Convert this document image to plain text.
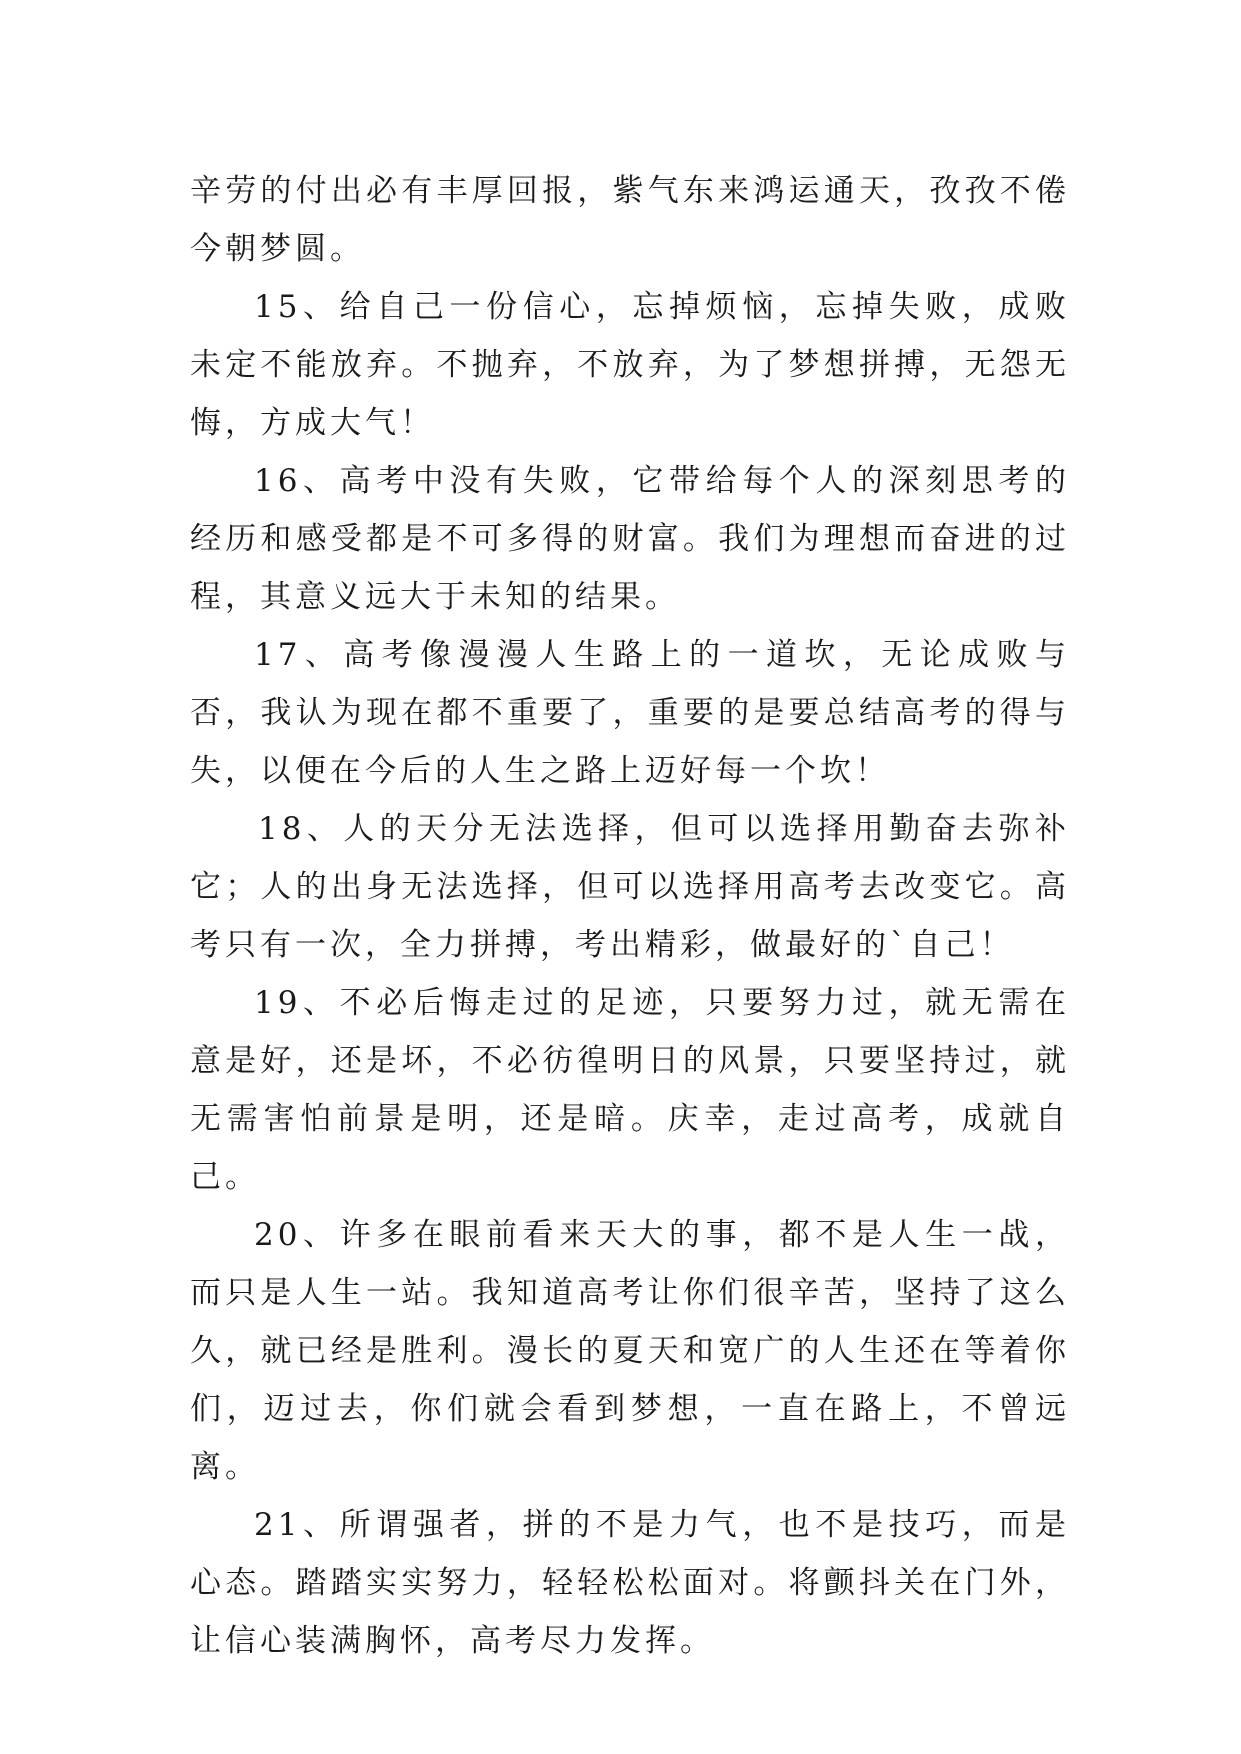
辛劳的付出必有丰厚回报，紫气东来鸿运通天，孜孜不倦今朝梦圆。

15、给自己一份信心，忘掉烦恼，忘掉失败，成败未定不能放弃。不抛弃，不放弃，为了梦想拼搏，无怨无悔，方成大气！

16、高考中没有失败，它带给每个人的深刻思考的经历和感受都是不可多得的财富。我们为理想而奋进的过程，其意义远大于未知的结果。

17、高考像漫漫人生路上的一道坎，无论成败与否，我认为现在都不重要了，重要的是要总结高考的得与失，以便在今后的人生之路上迈好每一个坎！

18、人的天分无法选择，但可以选择用勤奋去弥补它；人的出身无法选择，但可以选择用高考去改变它。高考只有一次，全力拼搏，考出精彩，做最好的`自己！

19、不必后悔走过的足迹，只要努力过，就无需在意是好，还是坏，不必彷徨明日的风景，只要坚持过，就无需害怕前景是明，还是暗。庆幸，走过高考，成就自己。

20、许多在眼前看来天大的事，都不是人生一战，而只是人生一站。我知道高考让你们很辛苦，坚持了这么久，就已经是胜利。漫长的夏天和宽广的人生还在等着你们，迈过去，你们就会看到梦想，一直在路上，不曾远离。

21、所谓强者，拼的不是力气，也不是技巧，而是心态。踏踏实实努力，轻轻松松面对。将颤抖关在门外，让信心装满胸怀，高考尽力发挥。
